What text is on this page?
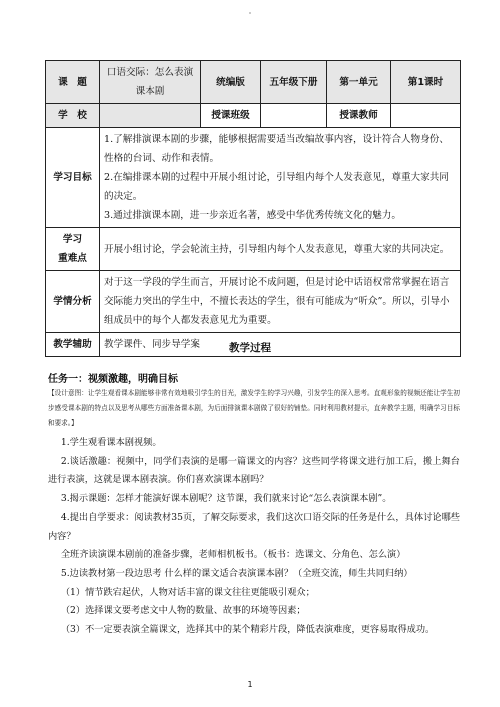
课　题	口语交际：怎么表演课本剧	统编版	五年级下册	第一单元	第1课时
学　校		授课班级		授课教师	
学习目标	1.了解排演课本剧的步骤，能够根据需要适当改编故事内容，设计符合人物身份、性格的台词、动作和表情。
2.在编排课本剧的过程中开展小组讨论，引导组内每个人发表意见，尊重大家共同的决定。
3.通过排演课本剧，进一步亲近名著，感受中华优秀传统文化的魅力。				

学习
重难点	开展小组讨论，学会轮流主持，引导组内每个人发表意见，尊重大家的共同决定。				
学情分析	对于这一学段的学生而言，开展讨论不成问题，但是讨论中话语权常常掌握在语言交际能力突出的学生中，不擅长表达的学生，很有可能成为“听众”。所以，引导小组成员中的每个人都发表意见尤为重要。				
教学辅助	教学课件、同步导学案					教学过程
任务一：视频激趣，明确目标
【设计意图：让学生观看课本剧能够非常有效地吸引学生的目光，激发学生的学习兴趣，引发学生的深入思考。直观形象的视频还能让学生初步感受课本剧的特点以及思考从哪些方面准备课本剧，为后面排演课本剧做了很好的铺垫。同时利用教材提示，直奔教学主题，明确学习目标和要求。】

1.学生观看课本剧视频。

2.谈话激趣：视频中，同学们表演的是哪一篇课文的内容？这些同学将课文进行加工后，搬上舞台进行表演，这就是课本剧表演。你们喜欢演课本剧吗？

3.揭示课题：怎样才能演好课本剧呢？这节课，我们就来讨论“怎么表演课本剧”。

4.提出自学要求：阅读教材35页，了解交际要求，我们这次口语交际的任务是什么，具体讨论哪些内容？

全班齐读演课本剧前的准备步骤，老师相机板书。（板书：选课文、分角色、怎么演）

5.边读教材第一段边思考 什么样的课文适合表演课本剧？（全班交流，师生共同归纳）

（1）情节跌宕起伏，人物对话丰富的课文往往更能吸引观众；

（2）选择课文要考虑文中人物的数量、故事的环境等因素；

（3）不一定要表演全篇课文，选择其中的某个精彩片段，降低表演难度，更容易取得成功。

1
